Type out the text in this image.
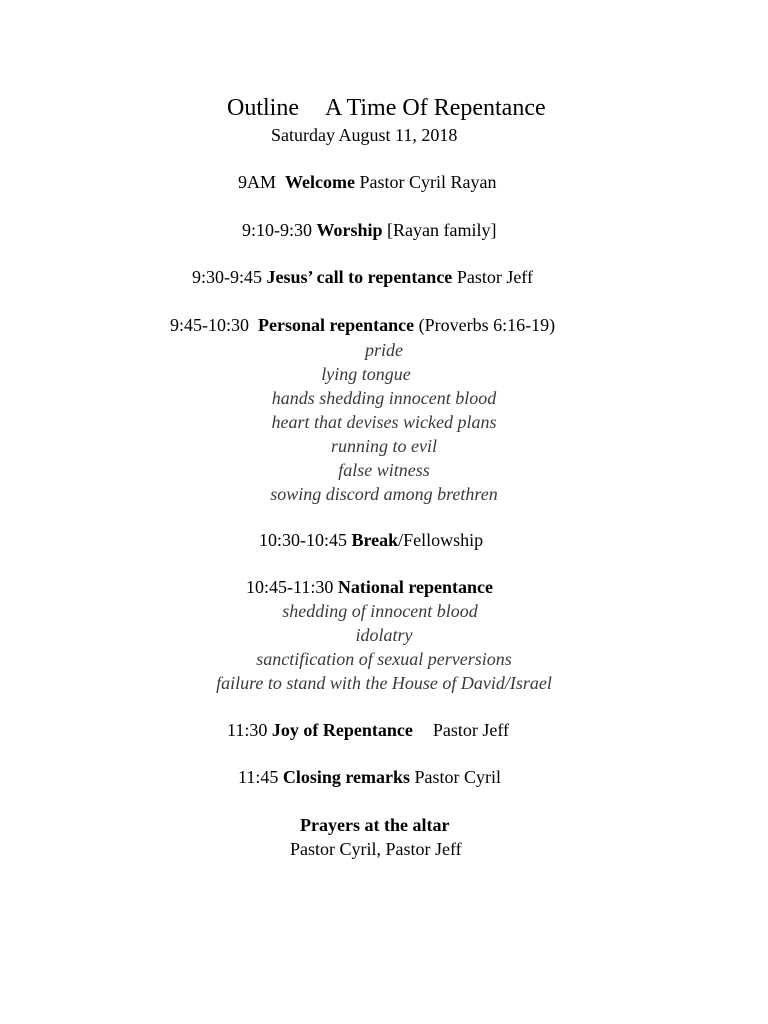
Outline A Time Of Repentance
Saturday August 11, 2018
9AM Welcome Pastor Cyril Rayan
9:10-9:30 Worship [Rayan family]
9:30-9:45 Jesus’ call to repentance Pastor Jeff
9:45-10:30 Personal repentance (Proverbs 6:16-19)
pride
lying tongue
hands shedding innocent blood
heart that devises wicked plans
running to evil
false witness
sowing discord among brethren
10:30-10:45 Break/Fellowship
10:45-11:30 National repentance
shedding of innocent blood
idolatry
sanctification of sexual perversions
failure to stand with the House of David/Israel
11:30 Joy of Repentance Pastor Jeff
11:45 Closing remarks Pastor Cyril
Prayers at the altar
Pastor Cyril, Pastor Jeff
